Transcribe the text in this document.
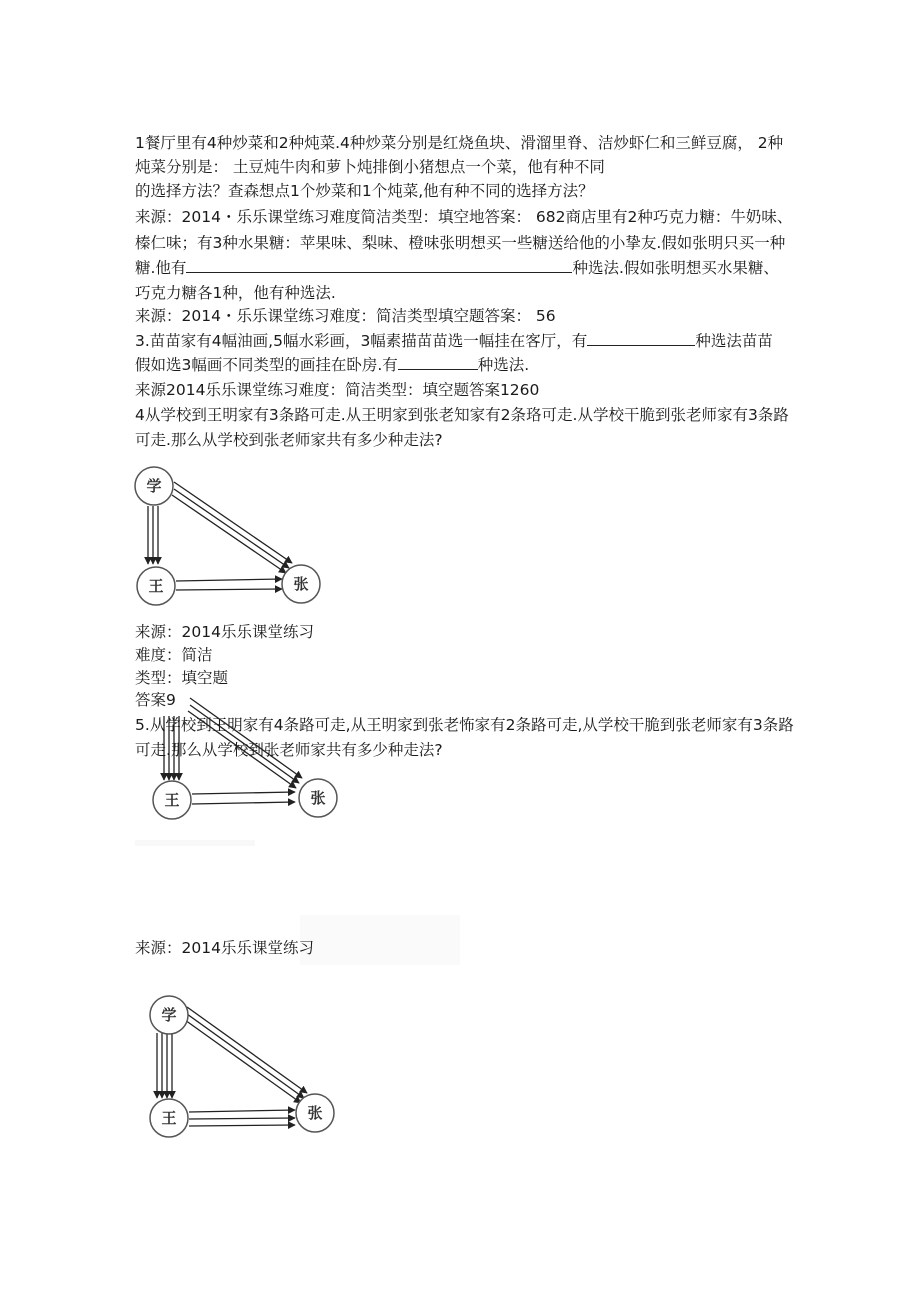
1餐厅里有4种炒菜和2种炖菜.4种炒菜分别是红烧鱼块、滑溜里脊、洁炒虾仁和三鲜豆腐， 2种
炖菜分别是： 土豆炖牛肉和萝卜炖排倒小猪想点一个菜，他有种不同
的选择方法？查森想点1个炒菜和1个炖菜,他有种不同的选择方法？
来源：2014・乐乐课堂练习难度简洁类型：填空地答案： 682商店里有2种巧克力糖：牛奶味、
榛仁味；有3种水果糖：苹果味、梨味、橙味张明想买一些糖送给他的小挚友.假如张明只买一种
糖.他有	种选法.假如张明想买水果糖、
巧克力糖各1种，他有种选法.
来源：2014・乐乐课堂练习难度：简洁类型填空题答案： 56
3.苗苗家有4幅油画,5幅水彩画，3幅素描苗苗选一幅挂在客厅，有	种选法苗苗
假如选3幅画不同类型的画挂在卧房.有	种选法.
来源2014乐乐课堂练习难度：简洁类型：填空题答案1260
4从学校到王明家有3条路可走.从王明家到张老知家有2条珞可走.从学校干脆到张老师家有3条路
可走.那么从学校到张老师家共有多少种走法?
学
王	张
来源：2014乐乐课堂练习
难度：简洁
类型：填空题
王	张
答案9
5.从学校到王明家有4条路可走,从王明家到张老怖家有2条路可走,从学校干脆到张老师家有3条路
可走.那么从学校到张老师家共有多少种走法?
来源：2014乐乐课堂练习
学
王	张
